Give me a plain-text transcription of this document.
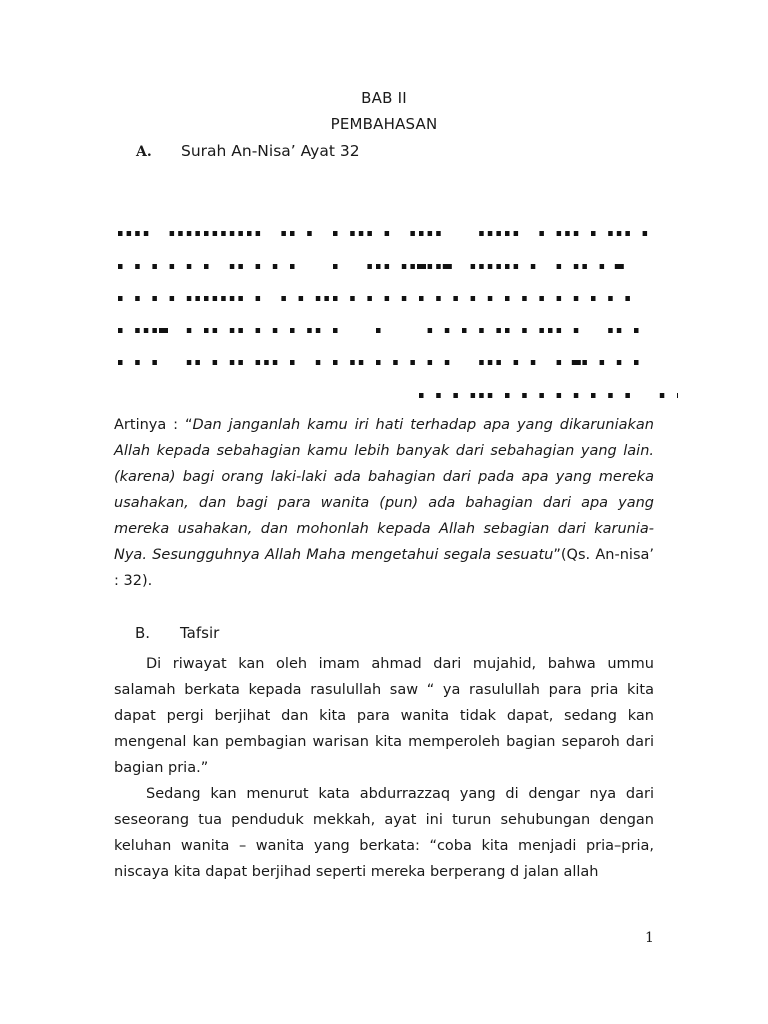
BAB II
PEMBAHASAN
A. Surah An-Nisa’ Ayat 32

Artinya : “Dan janganlah kamu iri hati terhadap apa yang dikaruniakan Allah kepada sebahagian kamu lebih banyak dari sebahagian yang lain. (karena) bagi orang laki-laki ada bahagian dari pada apa yang mereka usahakan, dan bagi para wanita (pun) ada bahagian dari apa yang mereka usahakan, dan mohonlah kepada Allah sebagian dari karunia-Nya. Sesungguhnya Allah Maha mengetahui segala sesuatu”(Qs. An-nisa’ : 32).

B. Tafsir

Di riwayat kan oleh imam ahmad dari mujahid, bahwa ummu salamah berkata kepada rasulullah saw “ ya rasulullah para pria kita dapat pergi berjihat dan kita para wanita tidak dapat, sedang kan mengenal kan pembagian warisan kita memperoleh bagian separoh dari bagian pria.”

Sedang kan menurut kata abdurrazzaq yang di dengar nya dari seseorang tua penduduk mekkah, ayat ini turun sehubungan dengan keluhan wanita – wanita yang berkata: “coba kita menjadi pria–pria, niscaya kita dapat berjihad seperti mereka berperang d jalan allah

1
